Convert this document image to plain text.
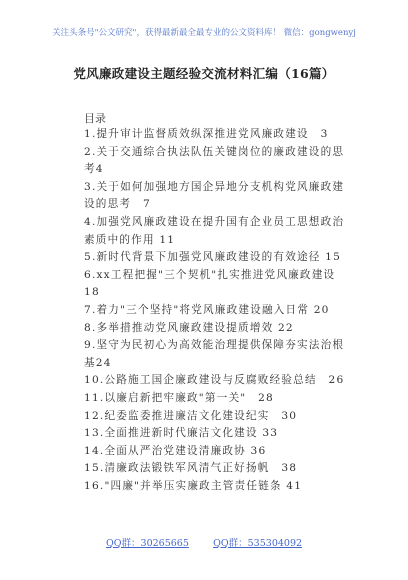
关注头条号"公文研究"，获得最新最全最专业的公文资料库！ 微信：gongwenyj
党风廉政建设主题经验交流材料汇编（16篇）
目录
1.提升审计监督质效纵深推进党风廉政建设　3
2.关于交通综合执法队伍关键岗位的廉政建设的思考4
3.关于如何加强地方国企异地分支机构党风廉政建设的思考　7
4.加强党风廉政建设在提升国有企业员工思想政治素质中的作用 11
5.新时代背景下加强党风廉政建设的有效途径 15
6.xx工程把握"三个契机"扎实推进党风廉政建设　18
7.着力"三个坚持"将党风廉政建设融入日常 20
8.多举措推动党风廉政建设提质增效 22
9.坚守为民初心为高效能治理提供保障夯实法治根基24
10.公路施工国企廉政建设与反腐败经验总结　26
11.以廉启新把牢廉政"第一关"　28
12.纪委监委推进廉洁文化建设纪实　30
13.全面推进新时代廉洁文化建设 33
14.全面从严治党建设清廉政协 36
15.清廉政法锻铁军风清气正好扬帆　38
16."四廉"并举压实廉政主管责任链条 41
QQ群：30265665	QQ群：535304092
